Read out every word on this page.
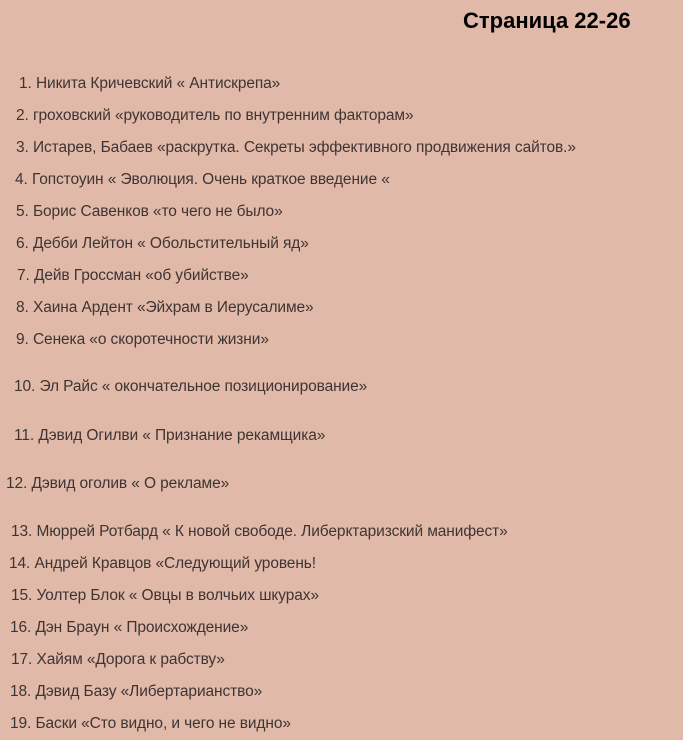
Страница 22-26
1. Никита Кричевский « Антискрепа»
2. гроховский «руководитель по внутренним факторам»
3. Истарев, Бабаев «раскрутка. Секреты эффективного продвижения сайтов.»
4. Гопстоуин « Эволюция. Очень краткое введение «
5. Борис Савенков «то чего не было»
6. Дебби Лейтон « Обольстительный яд»
7. Дейв Гроссман «об убийстве»
8. Хаина Ардент «Эйхрам в Иерусалиме»
9. Сенека «о скоротечности жизни»
10. Эл Райс « окончательное позиционирование»
11. Дэвид Огилви « Признание рекамщика»
12. Дэвид оголив « О рекламе»
13. Мюррей Ротбард « К новой свободе. Либерктаризский манифест»
14. Андрей Кравцов «Следующий уровень!
15. Уолтер Блок « Овцы в волчьих шкурах»
16. Дэн Браун « Происхождение»
17. Хайям «Дорога к рабству»
18. Дэвид Базу «Либертарианство»
19. Баски «Сто видно, и чего не видно»
